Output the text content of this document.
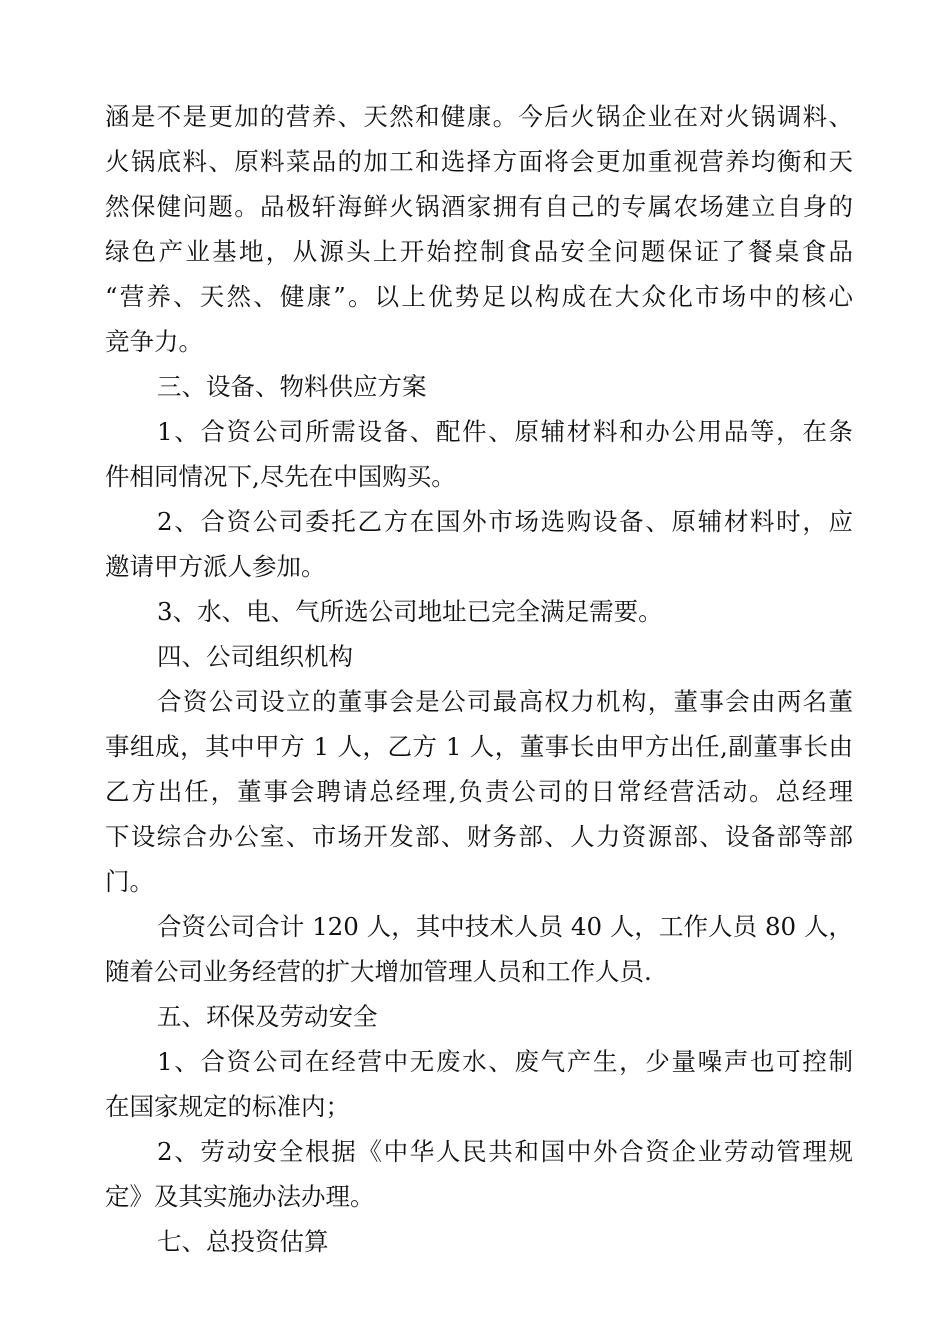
涵是不是更加的营养、天然和健康。今后火锅企业在对火锅调料、
火锅底料、原料菜品的加工和选择方面将会更加重视营养均衡和天
然保健问题。品极轩海鲜火锅酒家拥有自己的专属农场建立自身的
绿色产业基地，从源头上开始控制食品安全问题保证了餐桌食品
“营养、天然、健康”。以上优势足以构成在大众化市场中的核心
竞争力。
三、设备、物料供应方案
1、合资公司所需设备、配件、原辅材料和办公用品等，在条
件相同情况下,尽先在中国购买。
2、合资公司委托乙方在国外市场选购设备、原辅材料时，应
邀请甲方派人参加。
3、水、电、气所选公司地址已完全满足需要。
四、公司组织机构
合资公司设立的董事会是公司最高权力机构，董事会由两名董
事组成，其中甲方 1 人，乙方 1 人，董事长由甲方出任,副董事长由
乙方出任，董事会聘请总经理,负责公司的日常经营活动。总经理
下设综合办公室、市场开发部、财务部、人力资源部、设备部等部
门。
合资公司合计 120 人，其中技术人员 40 人，工作人员 80 人，
随着公司业务经营的扩大增加管理人员和工作人员.
五、环保及劳动安全
1、合资公司在经营中无废水、废气产生，少量噪声也可控制
在国家规定的标准内；
2、劳动安全根据《中华人民共和国中外合资企业劳动管理规
定》及其实施办法办理。
七、总投资估算
